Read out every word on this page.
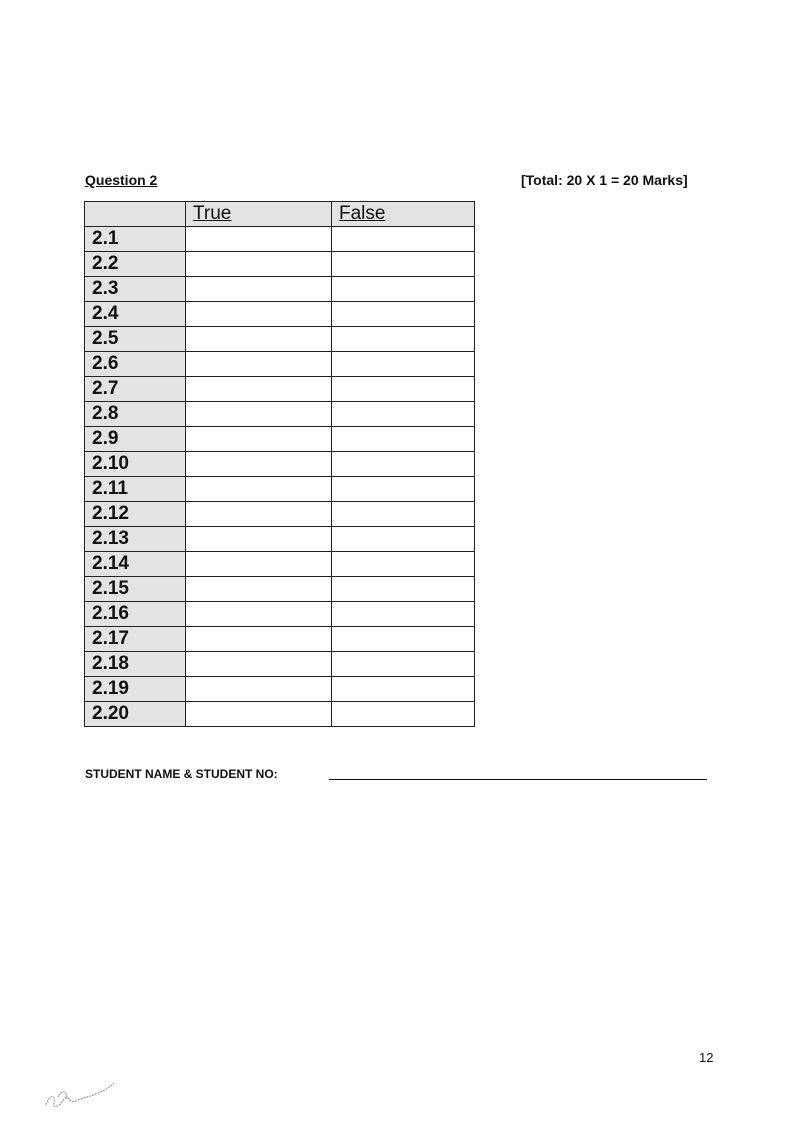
Question 2	[Total: 20 X 1 = 20 Marks]
	True	False
2.1		
2.2		
2.3		
2.4		
2.5		
2.6		
2.7		
2.8		
2.9		
2.10		
2.11		
2.12		
2.13		
2.14		
2.15		
2.16		
2.17		
2.18		
2.19		
2.20		
STUDENT NAME & STUDENT NO:
12
